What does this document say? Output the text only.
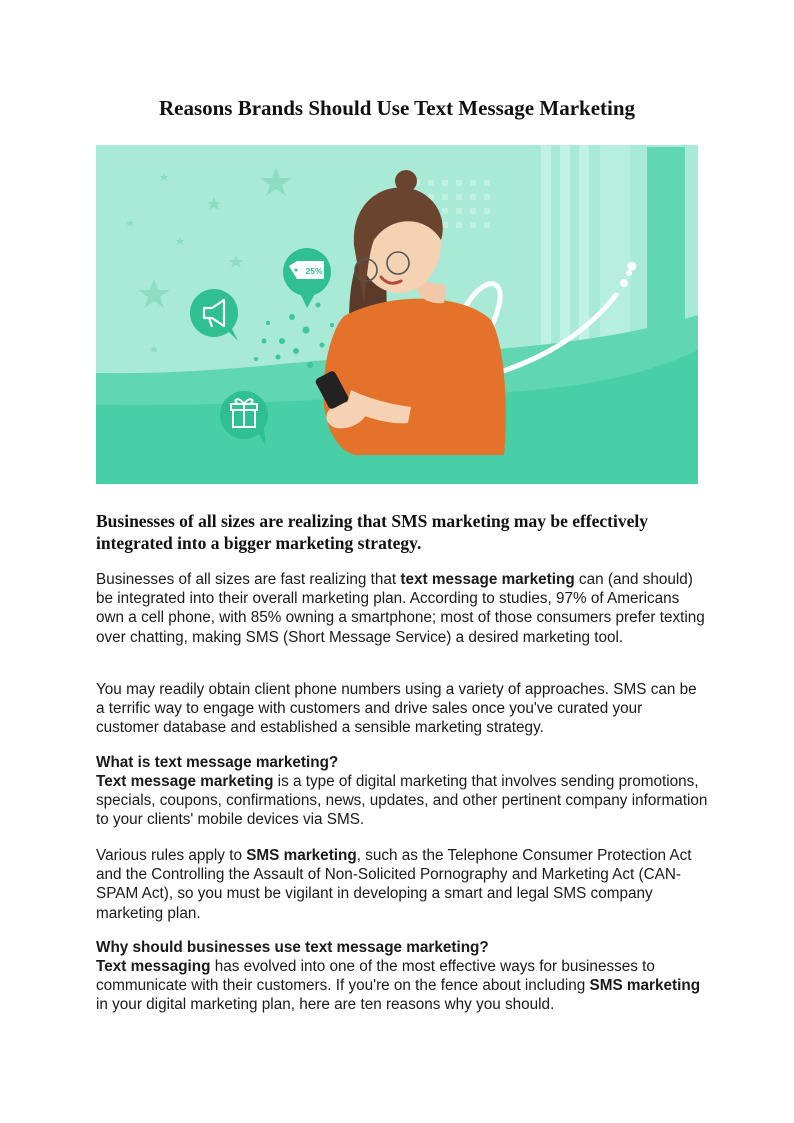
Reasons Brands Should Use Text Message Marketing
25%
Businesses of all sizes are realizing that SMS marketing may be effectively integrated into a bigger marketing strategy.

Businesses of all sizes are fast realizing that text message marketing can (and should) be integrated into their overall marketing plan. According to studies, 97% of Americans own a cell phone, with 85% owning a smartphone; most of those consumers prefer texting over chatting, making SMS (Short Message Service) a desired marketing tool.

You may readily obtain client phone numbers using a variety of approaches. SMS can be a terrific way to engage with customers and drive sales once you've curated your customer database and established a sensible marketing strategy.

What is text message marketing?

Text message marketing is a type of digital marketing that involves sending promotions, specials, coupons, confirmations, news, updates, and other pertinent company information to your clients' mobile devices via SMS.

Various rules apply to SMS marketing, such as the Telephone Consumer Protection Act and the Controlling the Assault of Non-Solicited Pornography and Marketing Act (CAN-SPAM Act), so you must be vigilant in developing a smart and legal SMS company marketing plan.

Why should businesses use text message marketing?

Text messaging has evolved into one of the most effective ways for businesses to communicate with their customers. If you're on the fence about including SMS marketing in your digital marketing plan, here are ten reasons why you should.
